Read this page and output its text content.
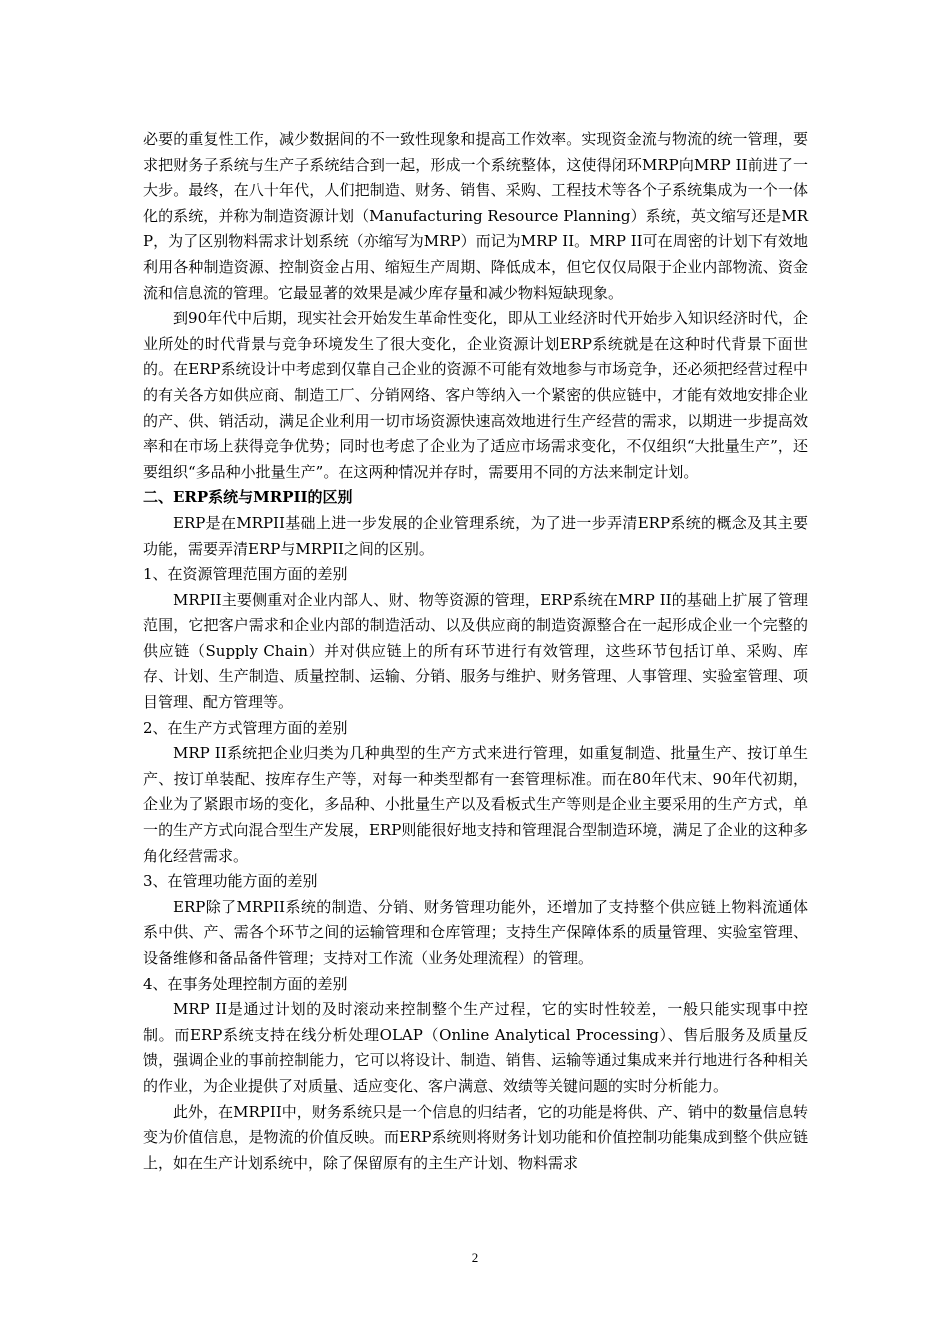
必要的重复性工作，减少数据间的不一致性现象和提高工作效率。实现资金流与物流的统一管理，要求把财务子系统与生产子系统结合到一起，形成一个系统整体，这使得闭环MRP向MRP II前进了一大步。最终，在八十年代，人们把制造、财务、销售、采购、工程技术等各个子系统集成为一个一体化的系统，并称为制造资源计划（Manufacturing Resource Planning）系统，英文缩写还是MRP，为了区别物料需求计划系统（亦缩写为MRP）而记为MRP II。MRP II可在周密的计划下有效地利用各种制造资源、控制资金占用、缩短生产周期、降低成本，但它仅仅局限于企业内部物流、资金流和信息流的管理。它最显著的效果是减少库存量和减少物料短缺现象。

到90年代中后期，现实社会开始发生革命性变化，即从工业经济时代开始步入知识经济时代，企业所处的时代背景与竞争环境发生了很大变化，企业资源计划ERP系统就是在这种时代背景下面世的。在ERP系统设计中考虑到仅靠自己企业的资源不可能有效地参与市场竞争，还必须把经营过程中的有关各方如供应商、制造工厂、分销网络、客户等纳入一个紧密的供应链中，才能有效地安排企业的产、供、销活动，满足企业利用一切市场资源快速高效地进行生产经营的需求，以期进一步提高效率和在市场上获得竞争优势；同时也考虑了企业为了适应市场需求变化，不仅组织“大批量生产”，还要组织“多品种小批量生产”。在这两种情况并存时，需要用不同的方法来制定计划。

二、ERP系统与MRPII的区别

ERP是在MRPII基础上进一步发展的企业管理系统，为了进一步弄清ERP系统的概念及其主要功能，需要弄清ERP与MRPII之间的区别。

1、在资源管理范围方面的差别

MRPII主要侧重对企业内部人、财、物等资源的管理，ERP系统在MRP II的基础上扩展了管理范围，它把客户需求和企业内部的制造活动、以及供应商的制造资源整合在一起形成企业一个完整的供应链（Supply Chain）并对供应链上的所有环节进行有效管理，这些环节包括订单、采购、库存、计划、生产制造、质量控制、运输、分销、服务与维护、财务管理、人事管理、实验室管理、项目管理、配方管理等。

2、在生产方式管理方面的差别

MRP II系统把企业归类为几种典型的生产方式来进行管理，如重复制造、批量生产、按订单生产、按订单装配、按库存生产等，对每一种类型都有一套管理标准。而在80年代末、90年代初期，企业为了紧跟市场的变化，多品种、小批量生产以及看板式生产等则是企业主要采用的生产方式，单一的生产方式向混合型生产发展，ERP则能很好地支持和管理混合型制造环境，满足了企业的这种多角化经营需求。

3、在管理功能方面的差别

ERP除了MRPII系统的制造、分销、财务管理功能外，还增加了支持整个供应链上物料流通体系中供、产、需各个环节之间的运输管理和仓库管理；支持生产保障体系的质量管理、实验室管理、设备维修和备品备件管理；支持对工作流（业务处理流程）的管理。

4、在事务处理控制方面的差别

MRP II是通过计划的及时滚动来控制整个生产过程，它的实时性较差，一般只能实现事中控制。而ERP系统支持在线分析处理OLAP（Online Analytical Processing）、售后服务及质量反馈，强调企业的事前控制能力，它可以将设计、制造、销售、运输等通过集成来并行地进行各种相关的作业，为企业提供了对质量、适应变化、客户满意、效绩等关键问题的实时分析能力。

此外，在MRPII中，财务系统只是一个信息的归结者，它的功能是将供、产、销中的数量信息转变为价值信息，是物流的价值反映。而ERP系统则将财务计划功能和价值控制功能集成到整个供应链上，如在生产计划系统中，除了保留原有的主生产计划、物料需求

2
